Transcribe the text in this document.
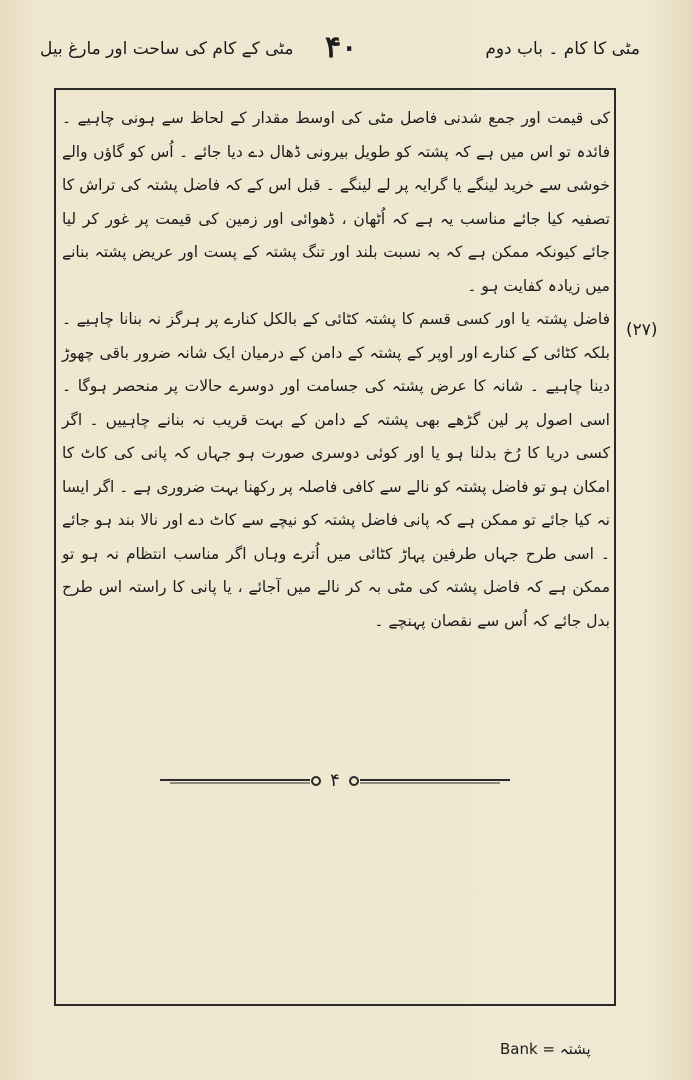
مٹی کے کام کی ساحت اور مارغ بیل ۴۰	مٹی کا کام ۔ باب دوم

کی قیمت اور جمع شدنی فاصل مٹی کی اوسط مقدار کے لحاظ سے ہونی چاہیے ۔ فائدہ تو اس میں ہے کہ پشتہ کو طویل بیرونی ڈھال دے دیا جائے ۔ اُس کو گاؤں والے خوشی سے خرید لینگے یا گرایہ پر لے لینگے ۔ قبل اس کے کہ فاضل پشتہ کی تراش کا تصفیہ کیا جائے مناسب یہ ہے کہ اُٹھان ، ڈھوائی اور زمین کی قیمت پر غور کر لیا جائے کیونکہ ممکن ہے کہ بہ نسبت بلند اور تنگ پشتہ کے پست اور عریض پشتہ بنانے میں زیادہ کفایت ہو ۔

فاضل پشتہ یا اور کسی قسم کا پشتہ کٹائی کے بالکل کنارے پر ہرگز نہ بنانا چاہیے ۔ بلکہ کٹائی کے کنارے اور اوپر کے پشتہ کے دامن کے درمیان ایک شانہ ضرور باقی چھوڑ دینا چاہیے ۔ شانہ کا عرض پشتہ کی جسامت اور دوسرے حالات پر منحصر ہوگا ۔ اسی اصول پر لین گڑھے بھی پشتہ کے دامن کے بہت قریب نہ بنانے چاہییں ۔ اگر کسی دریا کا رُخ بدلنا ہو یا اور کوئی دوسری صورت ہو جہاں کہ پانی کی کاٹ کا امکان ہو تو فاضل پشتہ کو نالے سے کافی فاصلہ پر رکھنا بہت ضروری ہے ۔ اگر ایسا نہ کیا جائے تو ممکن ہے کہ پانی فاضل پشتہ کو نیچے سے کاٹ دے اور نالا بند ہو جائے ۔ اسی طرح جہاں طرفین پہاڑ کٹائی میں اُترے وہاں اگر مناسب انتظام نہ ہو تو ممکن ہے کہ فاضل پشتہ کی مٹی بہ کر نالے میں آجائے ، یا پانی کا راستہ اس طرح بدل جائے کہ اُس سے نقصان پہنچے ۔

(۲۷)
۴
پشتہ = Bank
